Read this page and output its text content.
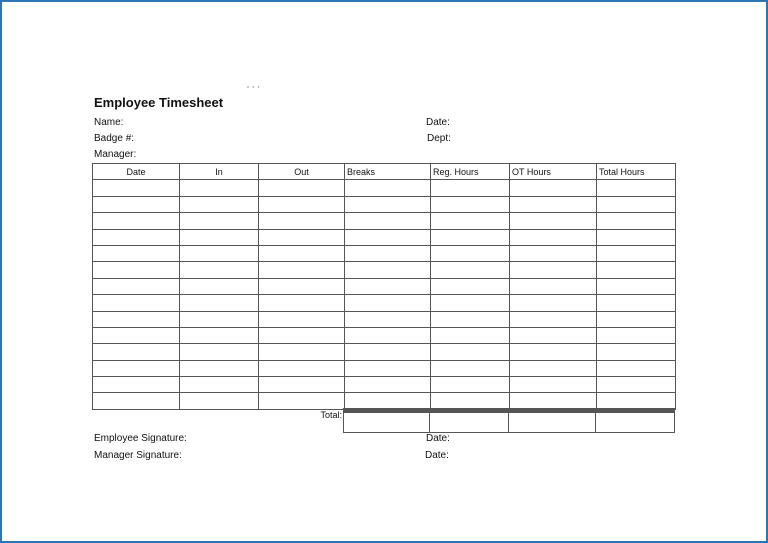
* * *
Employee Timesheet
Name:	Date:
Badge #:	Dept:
Manager:
Date	In	Out	Breaks	Reg. Hours	OT Hours	Total Hours

Total:

Employee Signature:	Date:
Manager Signature:	Date:
